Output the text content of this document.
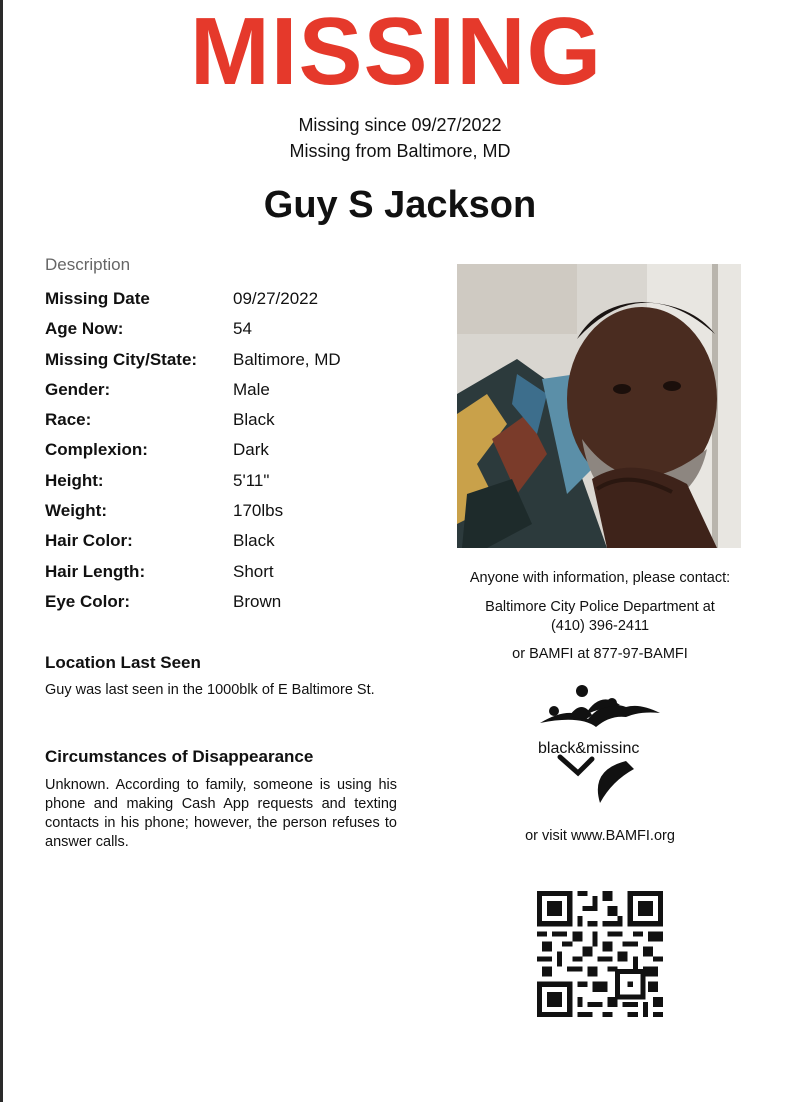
MISSING
Missing since 09/27/2022
Missing from Baltimore, MD
Guy S Jackson
Description
Missing Date	09/27/2022
Age Now:	54
Missing City/State: Baltimore, MD
Gender:	Male
Race:	Black
Complexion:	Dark
Height:	5'11"
Weight:	170lbs
Hair Color:	Black
Hair Length:	Short
Eye Color:	Brown
Anyone with information, please contact:
Baltimore City Police Department at
(410) 396-2411
or BAMFI at 877-97-BAMFI
Location Last Seen
Guy was last seen in the 1000blk of E Baltimore St.
Circumstances of Disappearance
Unknown. According to family, someone is using his phone and making Cash App requests and texting contacts in his phone; however, the person refuses to answer calls.
black&missinc
or visit www.BAMFI.org
